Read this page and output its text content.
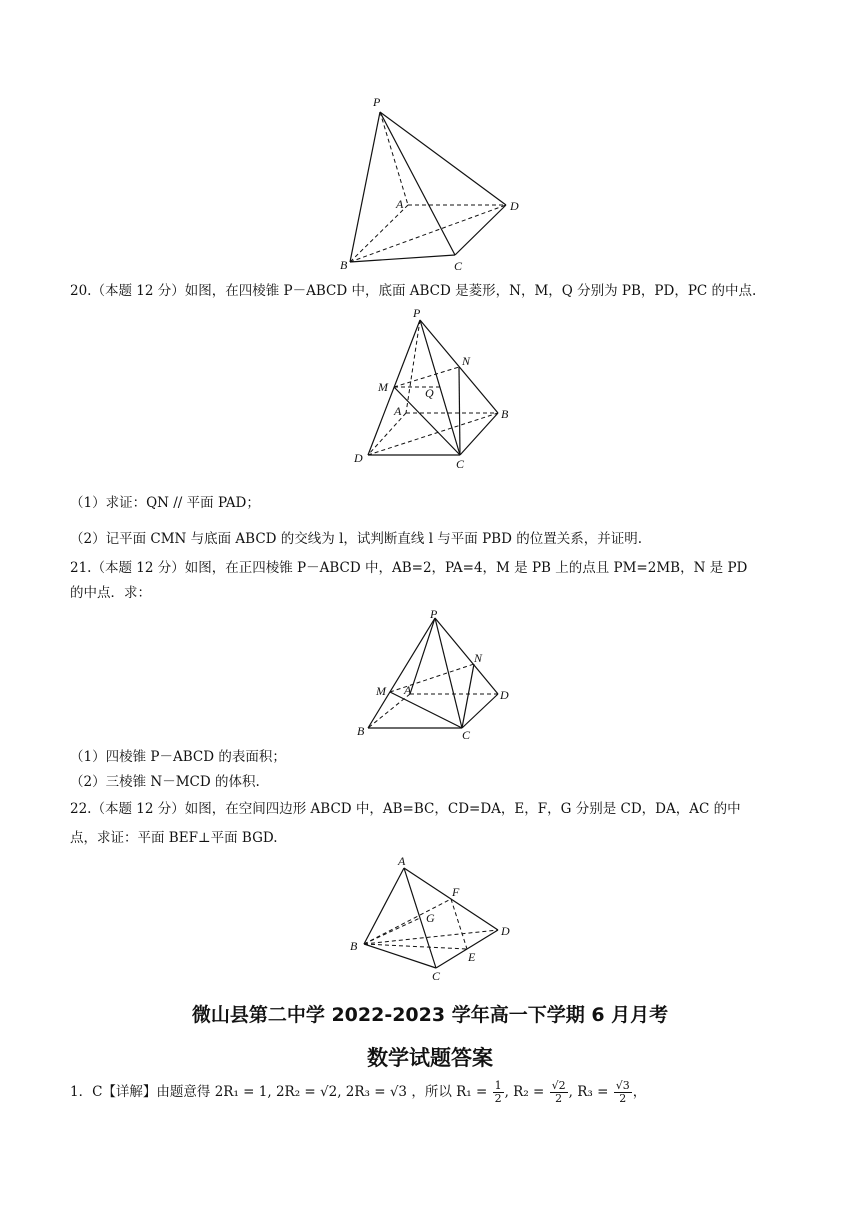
P
A	D
B	C
20.（本题 12 分）如图，在四棱锥 P－ABCD 中，底面 ABCD 是菱形，N，M，Q 分别为 PB，PD，PC 的中点.
P
N
M	Q
A	B
D	C
（1）求证：QN // 平面 PAD；
（2）记平面 CMN 与底面 ABCD 的交线为 l，试判断直线 l 与平面 PBD 的位置关系，并证明.
21.（本题 12 分）如图，在正四棱锥 P－ABCD 中，AB=2，PA=4，M 是 PB 上的点且 PM=2MB，N 是 PD
的中点．求：
P
N
M A	D
B	C
（1）四棱锥 P－ABCD 的表面积；
（2）三棱锥 N－MCD 的体积.
22.（本题 12 分）如图，在空间四边形 ABCD 中，AB=BC，CD=DA，E，F，G 分别是 CD，DA，AC 的中
点，求证：平面 BEF⊥平面 BGD.
A
F
G
B
D
E
C
微山县第二中学 2022-2023 学年高一下学期 6 月月考
数学试题答案
1．C【详解】由题意得 2R₁ = 1, 2R₂ = √2, 2R₃ = √3 ，所以 $R_1 = \frac{1}{2}$ , $R_2 = \frac{√2}{2}$ , $R_3 = \frac{√3}{2}$ ，
